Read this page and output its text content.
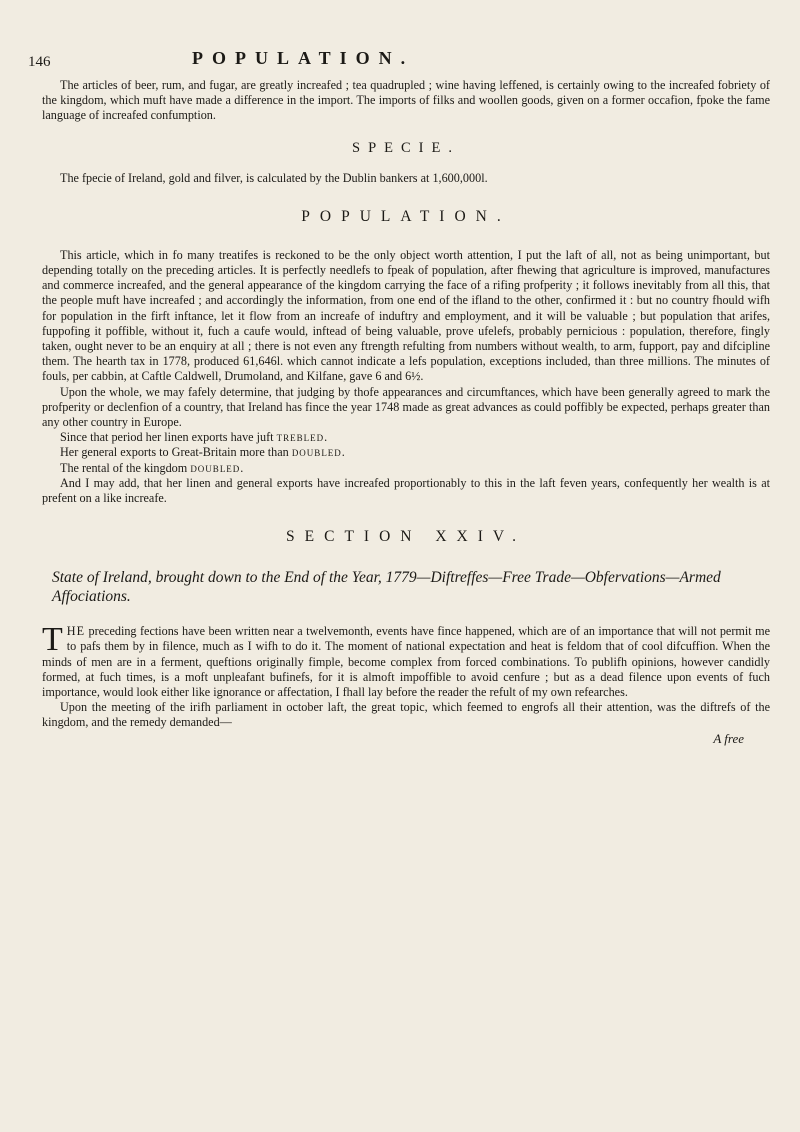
146	POPULATION.

The articles of beer, rum, and fugar, are greatly increafed ; tea quadrupled ; wine having leffened, is certainly owing to the increafed fobriety of the kingdom, which muft have made a difference in the import. The imports of filks and woollen goods, given on a former occafion, fpoke the fame language of increafed confumption.

SPECIE.

The fpecie of Ireland, gold and filver, is calculated by the Dublin bankers at 1,600,000l.

POPULATION.

This article, which in fo many treatifes is reckoned to be the only object worth attention, I put the laft of all, not as being unimportant, but depending totally on the preceding articles. It is perfectly needlefs to fpeak of population, after fhewing that agriculture is improved, manufactures and commerce increafed, and the general appearance of the kingdom carrying the face of a rifing profperity ; it follows inevitably from all this, that the people muft have increafed ; and accordingly the information, from one end of the ifland to the other, confirmed it : but no country fhould wifh for population in the firft inftance, let it flow from an increafe of induftry and employment, and it will be valuable ; but population that arifes, fuppofing it poffible, without it, fuch a caufe would, inftead of being valuable, prove ufelefs, probably pernicious : population, therefore, fingly taken, ought never to be an enquiry at all ; there is not even any ftrength refulting from numbers without wealth, to arm, fupport, pay and difcipline them. The hearth tax in 1778, produced 61,646l. which cannot indicate a lefs population, exceptions included, than three millions. The minutes of fouls, per cabbin, at Caftle Caldwell, Drumoland, and Kilfane, gave 6 and 6½.

Upon the whole, we may fafely determine, that judging by thofe appearances and circumftances, which have been generally agreed to mark the profperity or declenfion of a country, that Ireland has fince the year 1748 made as great advances as could poffibly be expected, perhaps greater than any other country in Europe.

Since that period her linen exports have juft trebled.

Her general exports to Great-Britain more than doubled.

The rental of the kingdom doubled.

And I may add, that her linen and general exports have increafed proportionably to this in the laft feven years, confequently her wealth is at prefent on a like increafe.

SECTION XXIV.
State of Ireland, brought down to the End of the Year, 1779—Diftreffes—Free Trade—Obfervations—Armed Affociations.

THE preceding fections have been written near a twelvemonth, events have fince happened, which are of an importance that will not permit me to pafs them by in filence, much as I wifh to do it. The moment of national expectation and heat is feldom that of cool difcuffion. When the minds of men are in a ferment, queftions originally fimple, become complex from forced combinations. To publifh opinions, however candidly formed, at fuch times, is a moft unpleafant bufinefs, for it is almoft impoffible to avoid cenfure ; but as a dead filence upon events of fuch importance, would look either like ignorance or affectation, I fhall lay before the reader the refult of my own refearches.

Upon the meeting of the irifh parliament in october laft, the great topic, which feemed to engrofs all their attention, was the diftrefs of the kingdom, and the remedy demanded—

A free
